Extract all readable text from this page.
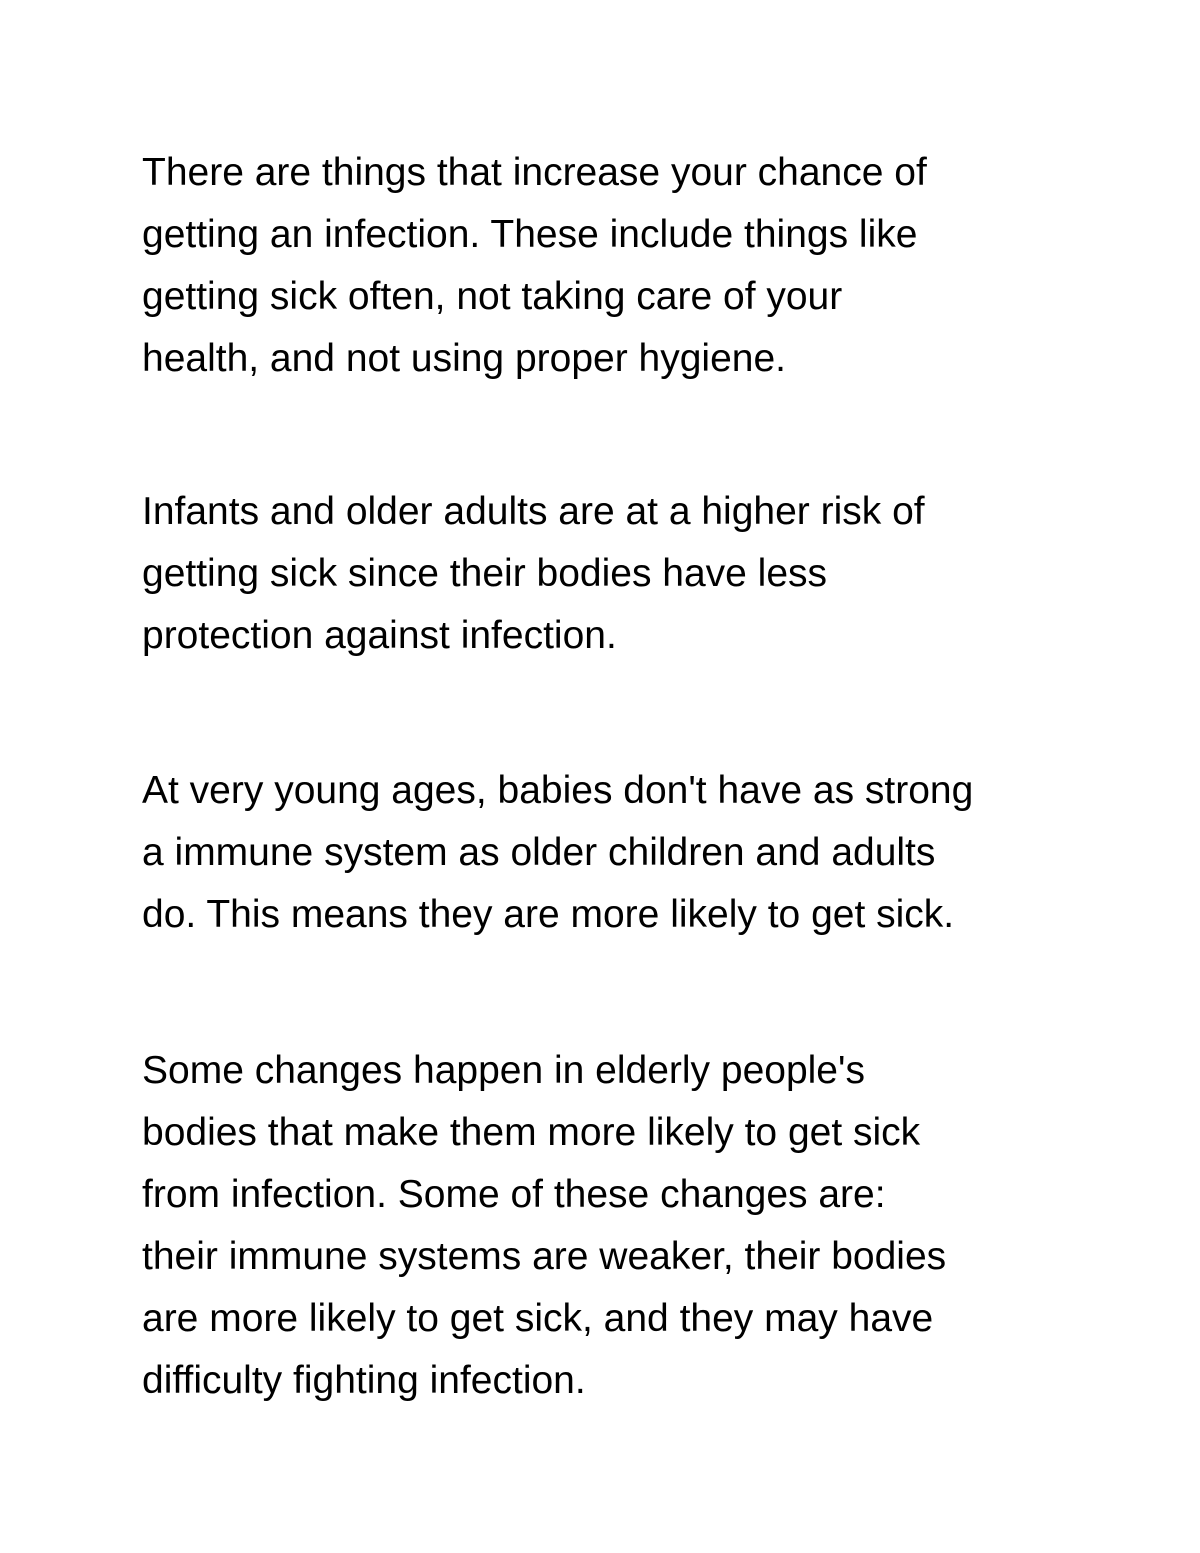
There are things that increase your chance of
getting an infection. These include things like
getting sick often, not taking care of your
health, and not using proper hygiene.

Infants and older adults are at a higher risk of
getting sick since their bodies have less
protection against infection.

At very young ages, babies don't have as strong
a immune system as older children and adults
do. This means they are more likely to get sick.

Some changes happen in elderly people's
bodies that make them more likely to get sick
from infection. Some of these changes are:
their immune systems are weaker, their bodies
are more likely to get sick, and they may have
difficulty fighting infection.
